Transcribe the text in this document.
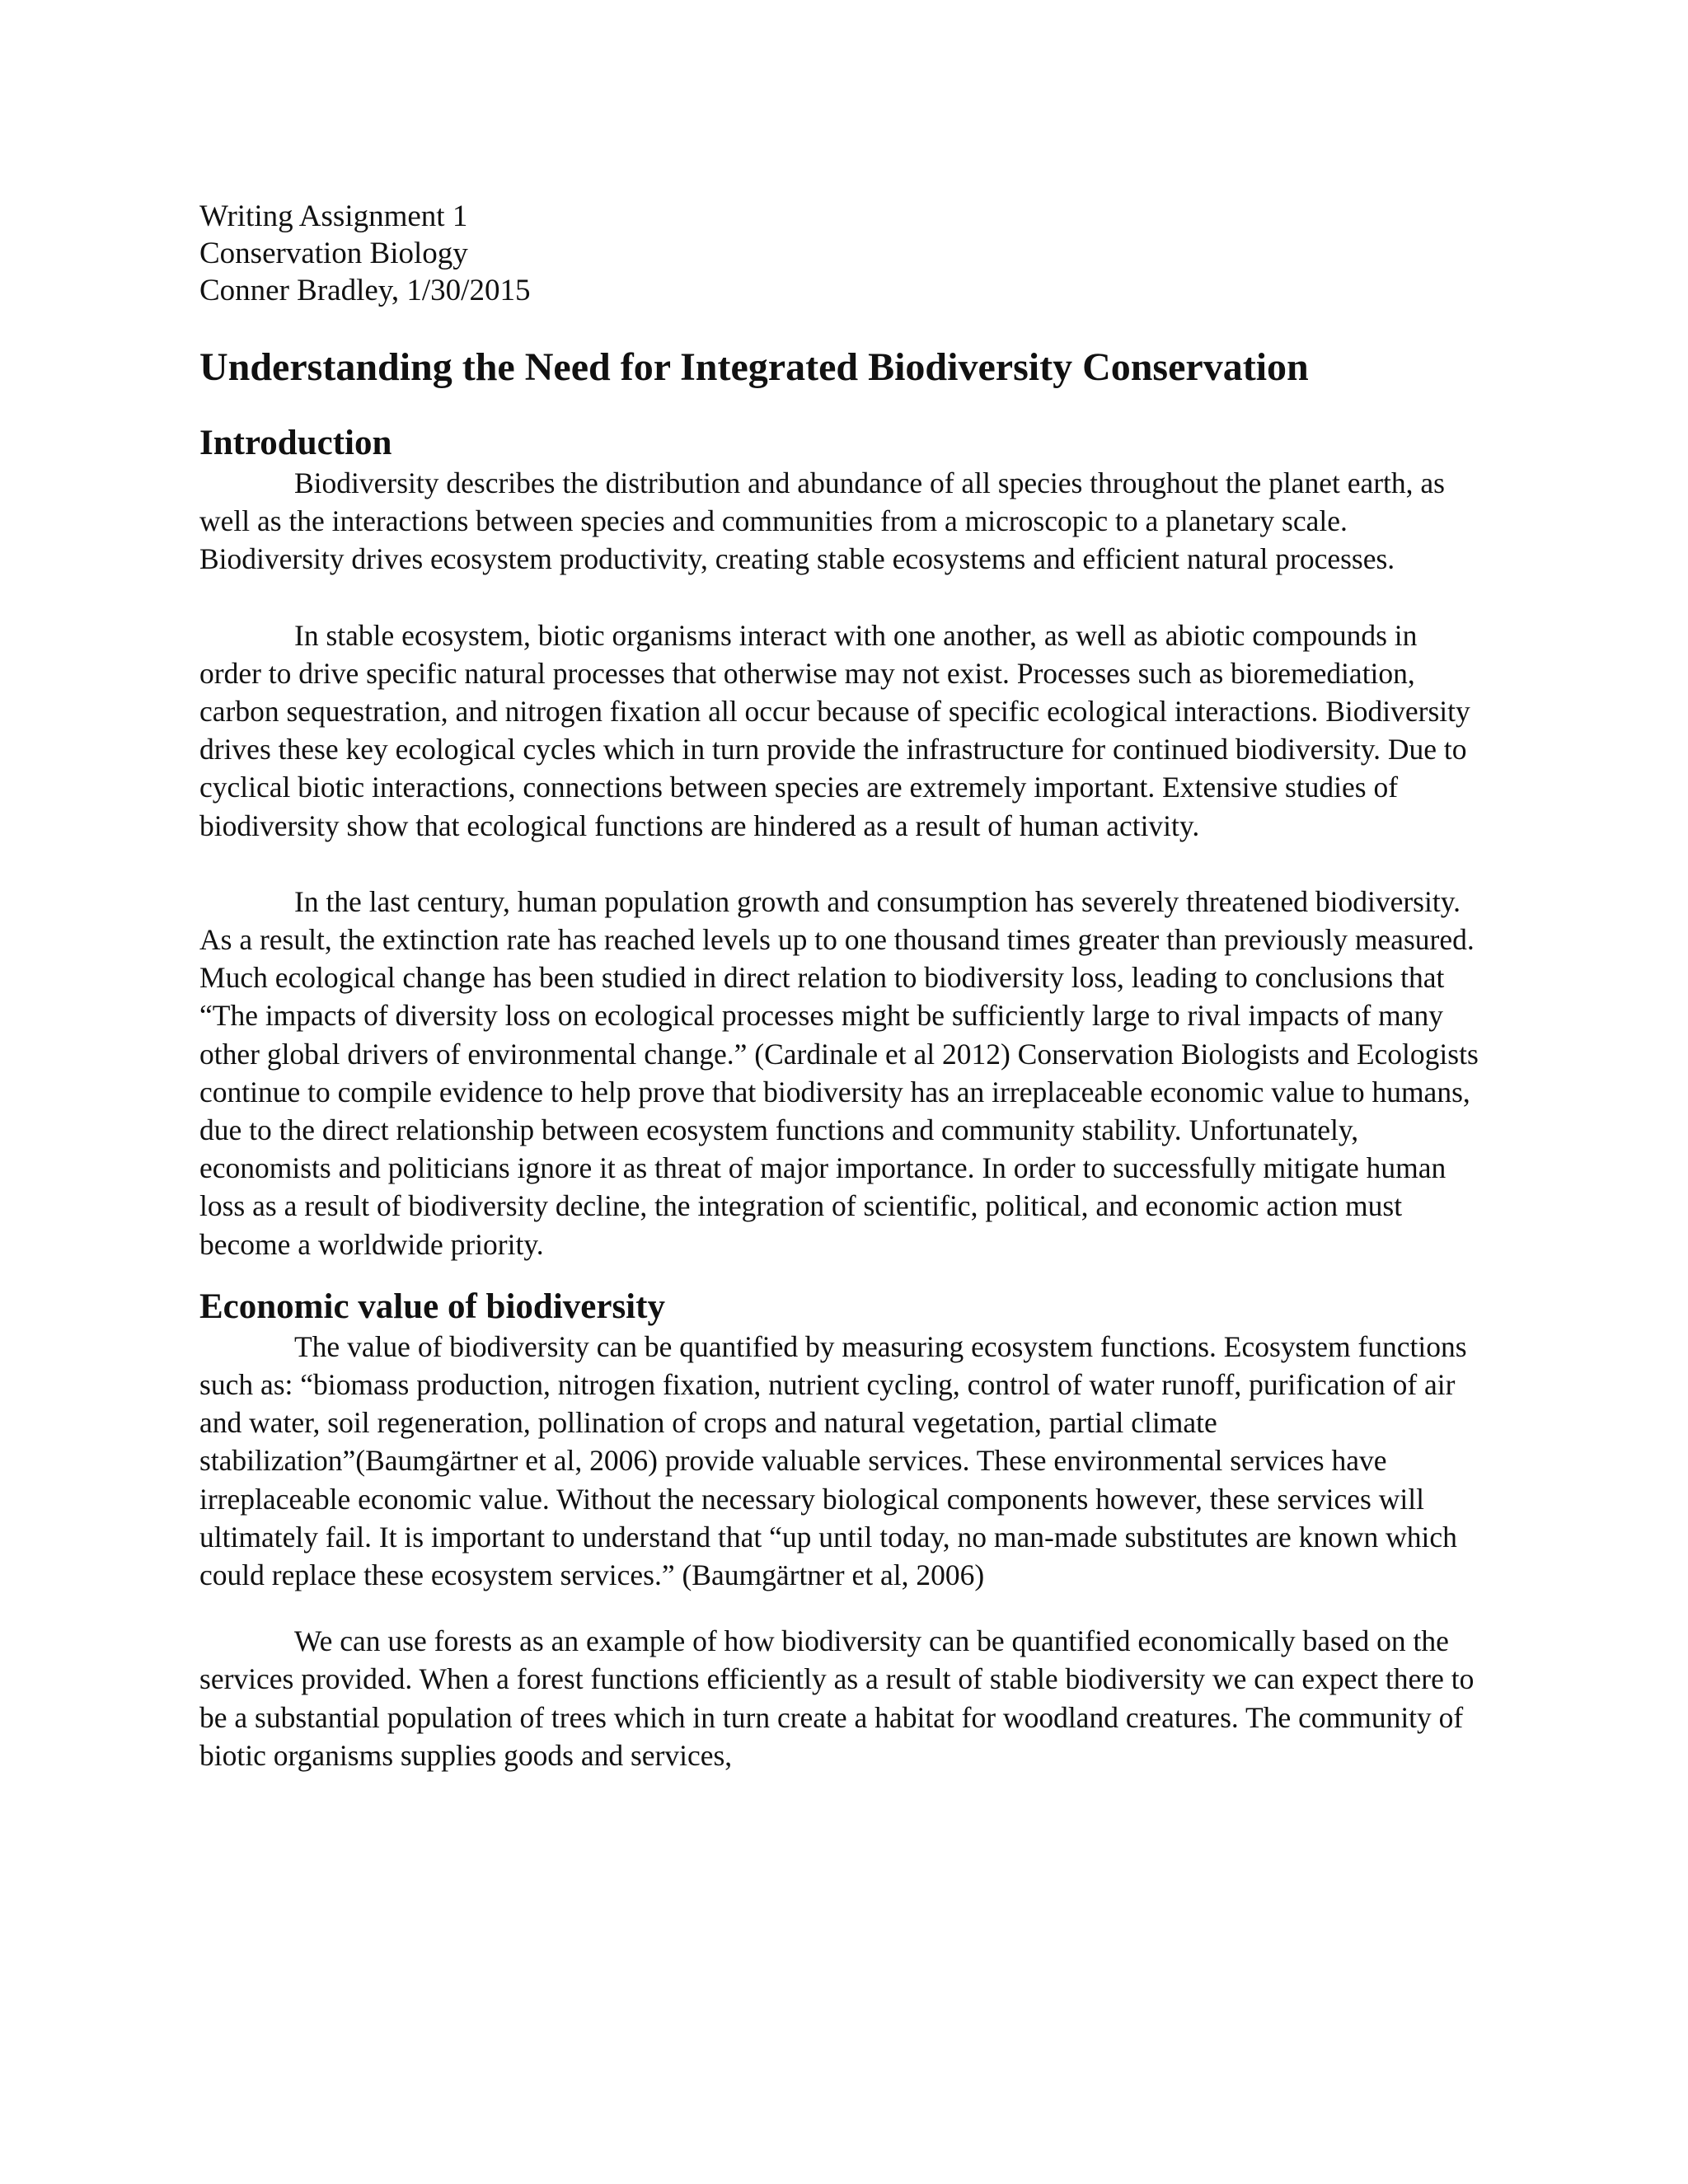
Writing Assignment 1

Conservation Biology

Conner Bradley, 1/30/2015

Understanding the Need for Integrated Biodiversity Conservation
Introduction

Biodiversity describes the distribution and abundance of all species throughout the planet earth, as well as the interactions between species and communities from a microscopic to a planetary scale. Biodiversity drives ecosystem productivity, creating stable ecosystems and efficient natural processes.

In stable ecosystem, biotic organisms interact with one another, as well as abiotic compounds in order to drive specific natural processes that otherwise may not exist. Processes such as bioremediation, carbon sequestration, and nitrogen fixation all occur because of specific ecological interactions. Biodiversity drives these key ecological cycles which in turn provide the infrastructure for continued biodiversity. Due to cyclical biotic interactions, connections between species are extremely important. Extensive studies of biodiversity show that ecological functions are hindered as a result of human activity.

In the last century, human population growth and consumption has severely threatened biodiversity. As a result, the extinction rate has reached levels up to one thousand times greater than previously measured. Much ecological change has been studied in direct relation to biodiversity loss, leading to conclusions that “The impacts of diversity loss on ecological processes might be sufficiently large to rival impacts of many other global drivers of environmental change.” (Cardinale et al 2012) Conservation Biologists and Ecologists continue to compile evidence to help prove that biodiversity has an irreplaceable economic value to humans, due to the direct relationship between ecosystem functions and community stability. Unfortunately, economists and politicians ignore it as threat of major importance. In order to successfully mitigate human loss as a result of biodiversity decline, the integration of scientific, political, and economic action must become a worldwide priority.

Economic value of biodiversity

The value of biodiversity can be quantified by measuring ecosystem functions. Ecosystem functions such as: “biomass production, nitrogen fixation, nutrient cycling, control of water runoff, purification of air and water, soil regeneration, pollination of crops and natural vegetation, partial climate stabilization”(Baumgärtner et al, 2006) provide valuable services. These environmental services have irreplaceable economic value. Without the necessary biological components however, these services will ultimately fail. It is important to understand that “up until today, no man-made substitutes are known which could replace these ecosystem services.” (Baumgärtner et al, 2006)

We can use forests as an example of how biodiversity can be quantified economically based on the services provided. When a forest functions efficiently as a result of stable biodiversity we can expect there to be a substantial population of trees which in turn create a habitat for woodland creatures. The community of biotic organisms supplies goods and services,
